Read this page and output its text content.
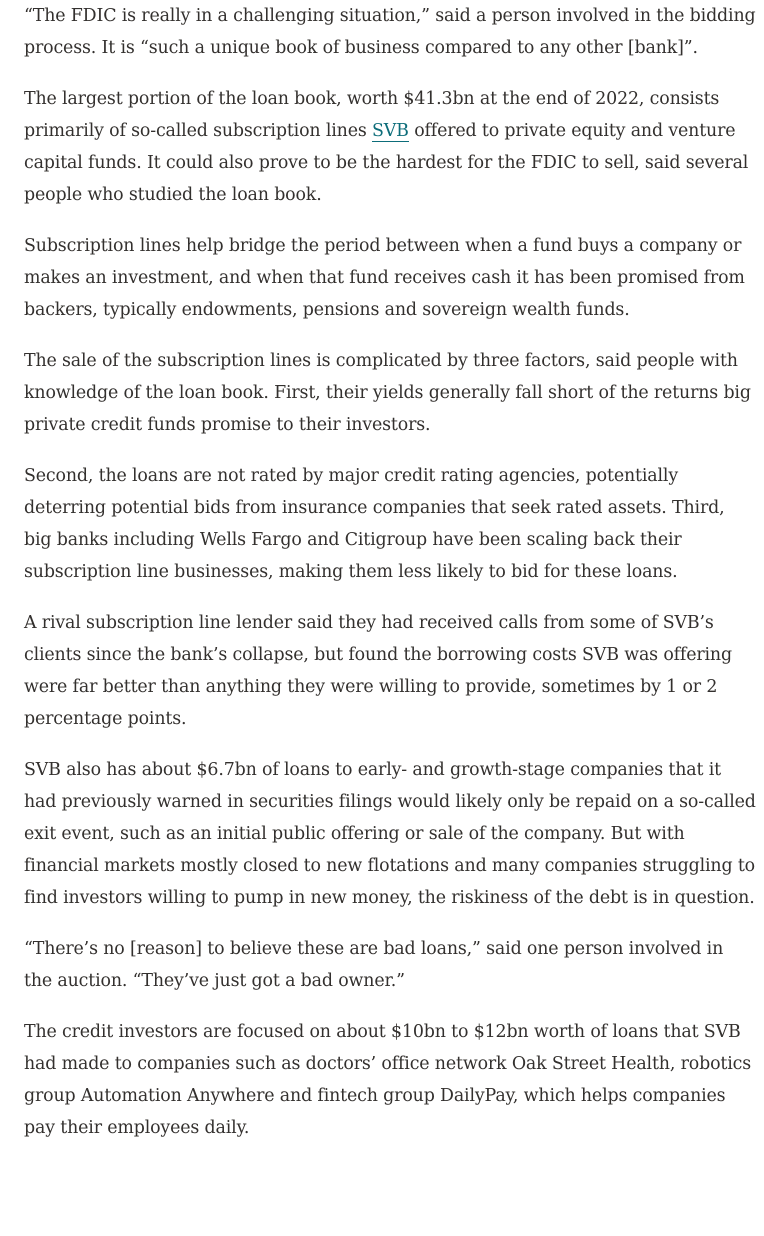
“The FDIC is really in a challenging situation,” said a person involved in the bidding process. It is “such a unique book of business compared to any other [bank]”.

The largest portion of the loan book, worth $41.3bn at the end of 2022, consists primarily of so-called subscription lines SVB offered to private equity and venture capital funds. It could also prove to be the hardest for the FDIC to sell, said several people who studied the loan book.

Subscription lines help bridge the period between when a fund buys a company or makes an investment, and when that fund receives cash it has been promised from backers, typically endowments, pensions and sovereign wealth funds.

The sale of the subscription lines is complicated by three factors, said people with knowledge of the loan book. First, their yields generally fall short of the returns big private credit funds promise to their investors.

Second, the loans are not rated by major credit rating agencies, potentially deterring potential bids from insurance companies that seek rated assets. Third, big banks including Wells Fargo and Citigroup have been scaling back their subscription line businesses, making them less likely to bid for these loans.

A rival subscription line lender said they had received calls from some of SVB’s clients since the bank’s collapse, but found the borrowing costs SVB was offering were far better than anything they were willing to provide, sometimes by 1 or 2 percentage points.

SVB also has about $6.7bn of loans to early- and growth-stage companies that it had previously warned in securities filings would likely only be repaid on a so-called exit event, such as an initial public offering or sale of the company. But with financial markets mostly closed to new flotations and many companies struggling to find investors willing to pump in new money, the riskiness of the debt is in question.

“There’s no [reason] to believe these are bad loans,” said one person involved in the auction. “They’ve just got a bad owner.”

The credit investors are focused on about $10bn to $12bn worth of loans that SVB had made to companies such as doctors’ office network Oak Street Health, robotics group Automation Anywhere and fintech group DailyPay, which helps companies pay their employees daily.
